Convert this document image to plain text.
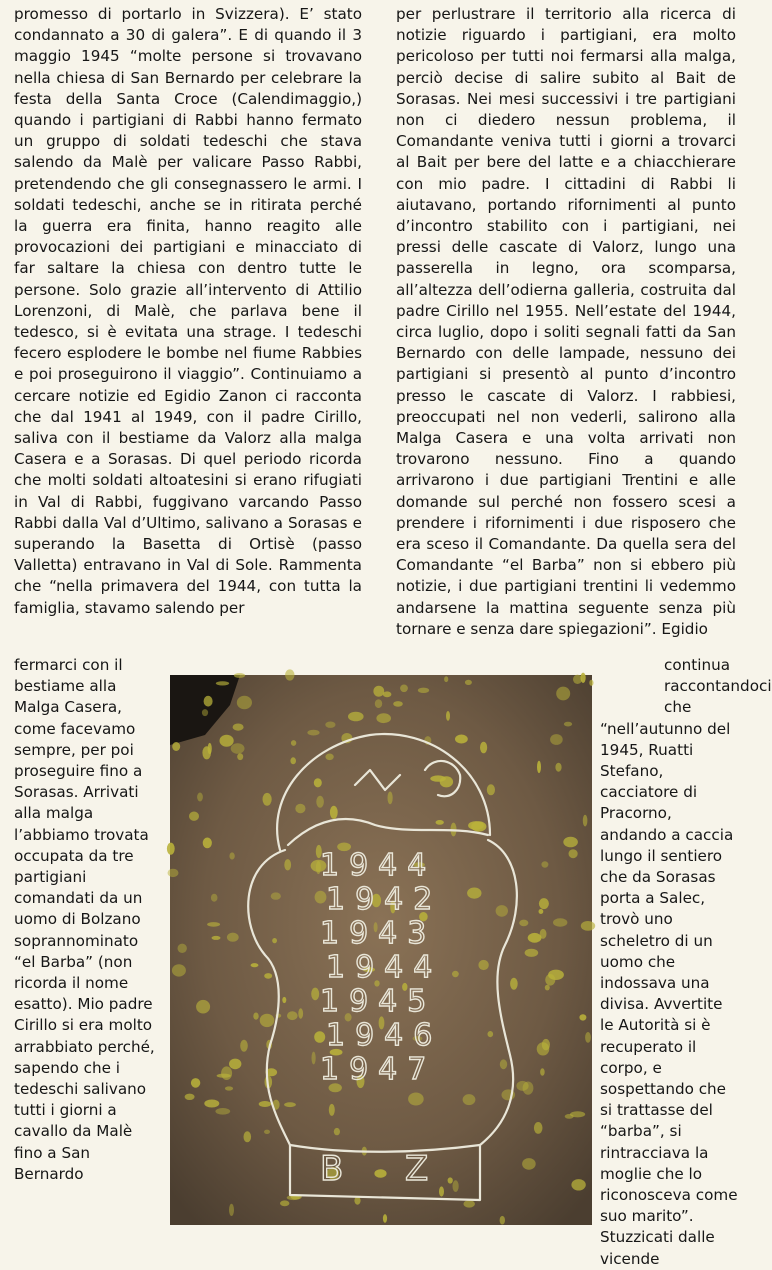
promesso di portarlo in Svizzera). E’ stato condannato a 30 di galera”. E di quando il 3 maggio 1945 “molte persone si trovavano nella chiesa di San Bernardo per celebrare la festa della Santa Croce (Calendimaggio,) quando i partigiani di Rabbi hanno fermato un gruppo di soldati tedeschi che stava salendo da Malè per valicare Passo Rabbi, pretendendo che gli consegnassero le armi. I soldati tedeschi, anche se in ritirata perché la guerra era finita, hanno reagito alle provocazioni dei partigiani e minacciato di far saltare la chiesa con dentro tutte le persone. Solo grazie all’intervento di Attilio Lorenzoni, di Malè, che parlava bene il tedesco, si è evitata una strage. I tedeschi fecero esplodere le bombe nel fiume Rabbies e poi proseguirono il viaggio”. Continuiamo a cercare notizie ed Egidio Zanon ci racconta che dal 1941 al 1949, con il padre Cirillo, saliva con il bestiame da Valorz alla malga Casera e a Sorasas. Di quel periodo ricorda che molti soldati altoatesini si erano rifugiati in Val di Rabbi, fuggivano varcando Passo Rabbi dalla Val d’Ultimo, salivano a Sorasas e superando la Basetta di Ortisè (passo Valletta) entravano in Val di Sole. Rammenta che “nella primavera del 1944, con tutta la famiglia, stavamo salendo per

per perlustrare il territorio alla ricerca di notizie riguardo i partigiani, era molto pericoloso per tutti noi fermarsi alla malga, perciò decise di salire subito al Bait de Sorasas. Nei mesi successivi i tre partigiani non ci diedero nessun problema, il Comandante veniva tutti i giorni a trovarci al Bait per bere del latte e a chiacchierare con mio padre. I cittadini di Rabbi li aiutavano, portando rifornimenti al punto d’incontro stabilito con i partigiani, nei pressi delle cascate di Valorz, lungo una passerella in legno, ora scomparsa, all’altezza dell’odierna galleria, costruita dal padre Cirillo nel 1955. Nell’estate del 1944, circa luglio, dopo i soliti segnali fatti da San Bernardo con delle lampade, nessuno dei partigiani si presentò al punto d’incontro presso le cascate di Valorz. I rabbiesi, preoccupati nel non vederli, salirono alla Malga Casera e una volta arrivati non trovarono nessuno. Fino a quando arrivarono i due partigiani Trentini e alle domande sul perché non fossero scesi a prendere i rifornimenti i due risposero che era sceso il Comandante. Da quella sera del Comandante “el Barba” non si ebbero più notizie, i due partigiani trentini li vedemmo andarsene la mattina seguente senza più tornare e senza dare spiegazioni”. Egidio

fermarci con il bestiame alla Malga Casera, come facevamo sempre, per poi proseguire fino a Sorasas. Arrivati alla malga l’abbiamo trovata occupata da tre partigiani comandati da un uomo di Bolzano soprannominato “el Barba” (non ricorda il nome esatto). Mio padre Cirillo si era molto arrabbiato perché, sapendo che i tedeschi salivano tutti i giorni a cavallo da Malè fino a San Bernardo

continua raccontandoci che

“nell’autunno del 1945, Ruatti Stefano, cacciatore di Pracorno, andando a caccia lungo il sentiero che da Sorasas porta a Salec, trovò uno scheletro di un uomo che indossava una divisa. Avvertite le Autorità si è recuperato il corpo, e sospettando che si trattasse del “barba”, si rintracciava la moglie che lo riconosceva come suo marito”. Stuzzicati dalle vicende

1944
1942
1943
1944
1945
1946
1947
B Z
